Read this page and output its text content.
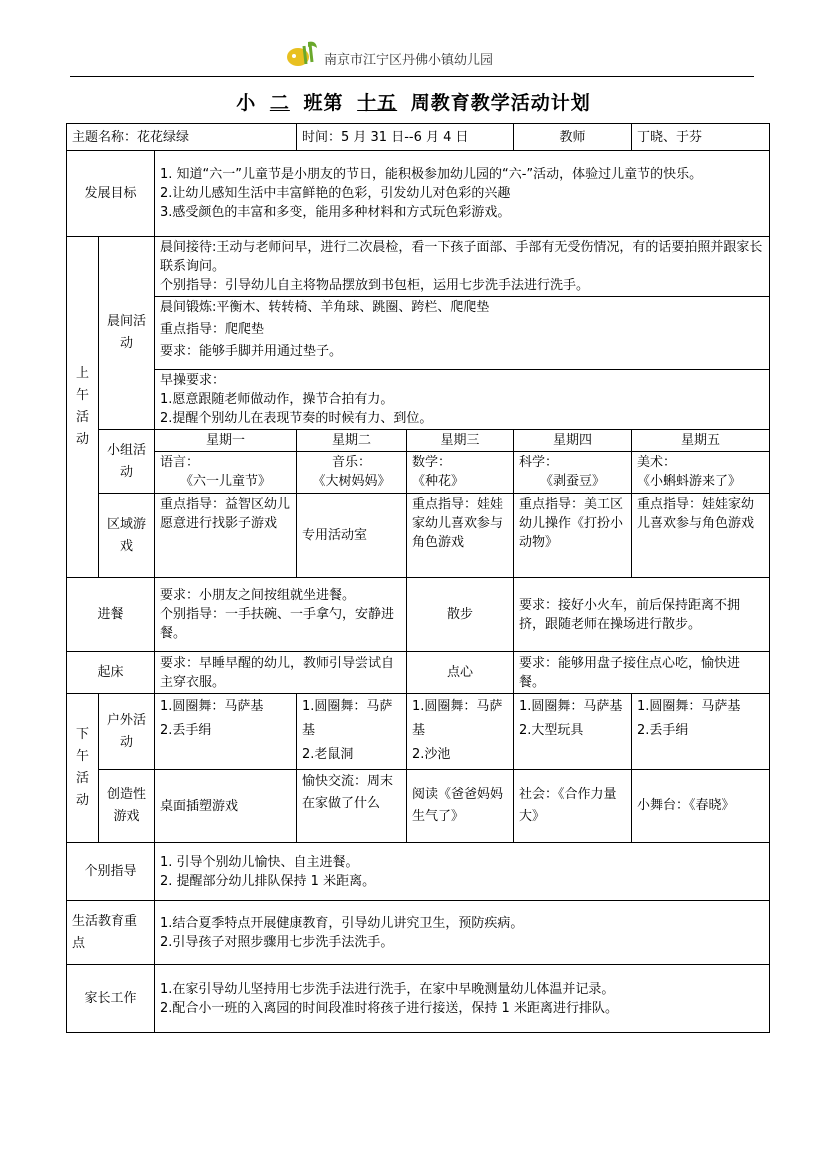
南京市江宁区丹佛小镇幼儿园
小 二 班第 十五 周教育教学活动计划
主题名称：花花绿绿			时间：5 月 31 日--6 月 4 日		教师	丁晓、于芬
发展目标		1. 知道“六一”儿童节是小朋友的节日，能积极参加幼儿园的“六-”活动，体验过儿童节的快乐。
2.让幼儿感知生活中丰富鲜艳的色彩，引发幼儿对色彩的兴趣
3.感受颜色的丰富和多变，能用多种材料和方式玩色彩游戏。				

上午活动	晨间活动	晨间接待:王动与老师问早，进行二次晨检，看一下孩子面部、手部有无受伤情况，有的话要拍照并跟家长联系询问。
个别指导：引导幼儿自主将物品摆放到书包柜，运用七步洗手法进行洗手。				

		晨间锻炼:平衡木、转转椅、羊角球、跳圈、跨栏、爬爬垫
重点指导：爬爬垫
要求：能够手脚并用通过垫子。				

		早操要求：
1.愿意跟随老师做动作，操节合拍有力。
2.提醒个别幼儿在表现节奏的时候有力、到位。				

	小组活动	星期一	星期二	星期三	星期四	星期五

		语言：
《六一儿童节》	音乐：
《大树妈妈》	数学：
《种花》	科学：
《剥蚕豆》	美术：
《小蝌蚪游来了》

	区域游戏	重点指导：益智区幼儿愿意进行找影子游戏	专用活动室	重点指导：娃娃家幼儿喜欢参与角色游戏	重点指导：美工区幼儿操作《打扮小动物》	重点指导：娃娃家幼儿喜欢参与角色游戏
进餐		要求：小朋友之间按组就坐进餐。
个别指导：一手扶碗、一手拿勺，安静进餐。		散步	要求：接好小火车，前后保持距离不拥挤，跟随老师在操场进行散步。	
起床		要求：早睡早醒的幼儿，教师引导尝试自主穿衣服。		点心	要求：能够用盘子接住点心吃，愉快进餐。	
下午活动	户外活动	1.圆圈舞：马萨基
2.丢手绢	1.圆圈舞：马萨基
2.老鼠洞	1.圆圈舞：马萨基
2.沙池	1.圆圈舞：马萨基
2.大型玩具	1.圆圈舞：马萨基
2.丢手绢

	创造性游戏	桌面插塑游戏	愉快交流：周末在家做了什么	阅读《爸爸妈妈生气了》	社会：《合作力量大》	小舞台：《春晓》
个别指导		1. 引导个别幼儿愉快、自主进餐。
2. 提醒部分幼儿排队保持 1 米距离。				

生活教育重 点		1.结合夏季特点开展健康教育，引导幼儿讲究卫生，预防疾病。
2.引导孩子对照步骤用七步洗手法洗手。				

家长工作		1.在家引导幼儿坚持用七步洗手法进行洗手，在家中早晚测量幼儿体温并记录。
2.配合小一班的入离园的时间段准时将孩子进行接送，保持 1 米距离进行排队。				
